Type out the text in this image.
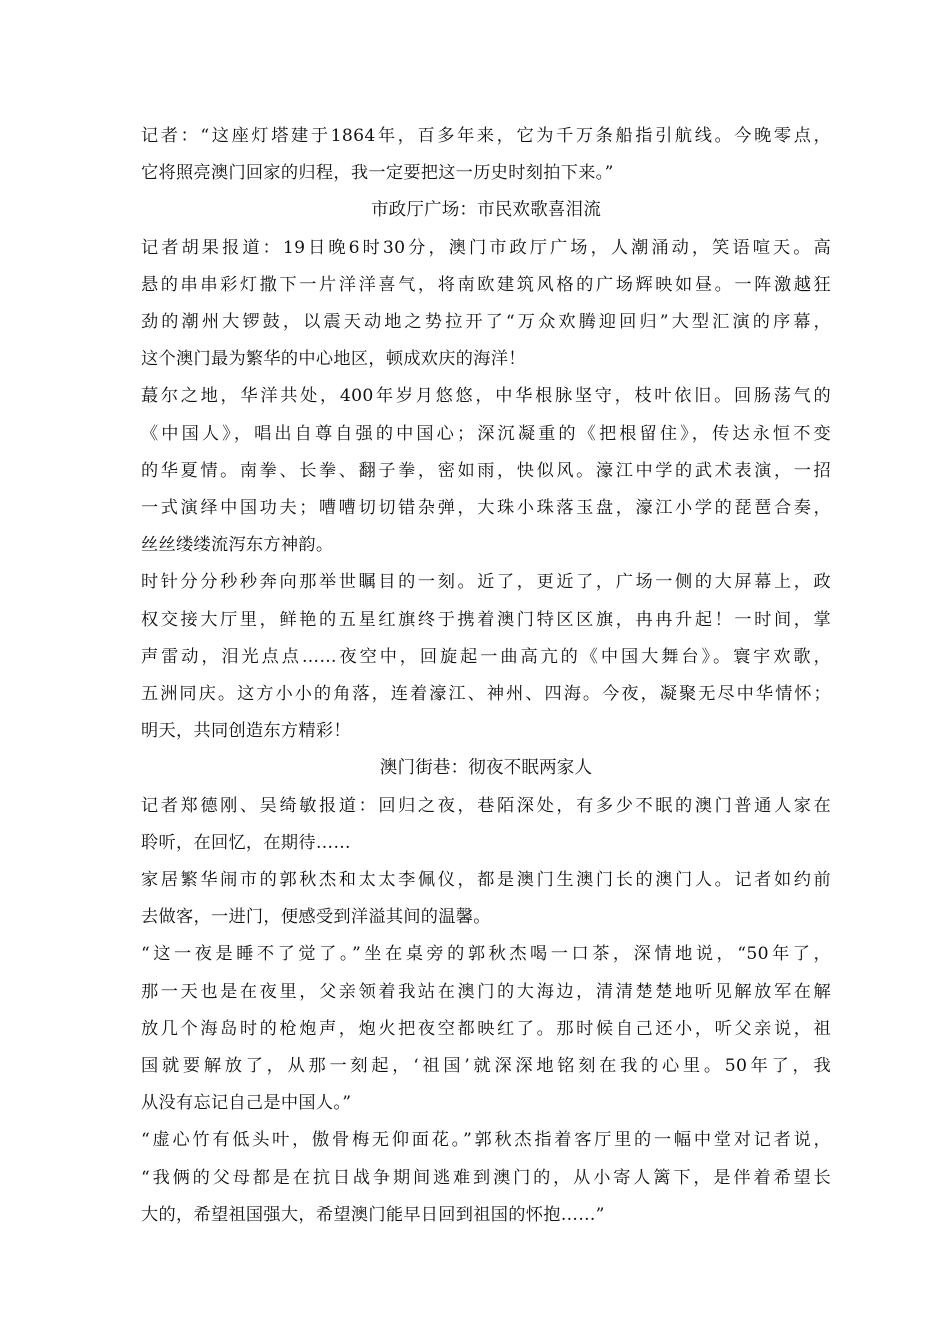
记者：“这座灯塔建于1864年，百多年来，它为千万条船指引航线。今晚零点，
它将照亮澳门回家的归程，我一定要把这一历史时刻拍下来。”
市政厅广场：市民欢歌喜泪流
记者胡果报道：19日晚6时30分，澳门市政厅广场，人潮涌动，笑语喧天。高
悬的串串彩灯撒下一片洋洋喜气，将南欧建筑风格的广场辉映如昼。一阵激越狂
劲的潮州大锣鼓，以震天动地之势拉开了“万众欢腾迎回归”大型汇演的序幕，
这个澳门最为繁华的中心地区，顿成欢庆的海洋！
蕞尔之地，华洋共处，400年岁月悠悠，中华根脉坚守，枝叶依旧。回肠荡气的
《中国人》，唱出自尊自强的中国心；深沉凝重的《把根留住》，传达永恒不变
的华夏情。南拳、长拳、翻子拳，密如雨，快似风。濠江中学的武术表演，一招
一式演绎中国功夫；嘈嘈切切错杂弹，大珠小珠落玉盘，濠江小学的琵琶合奏，
丝丝缕缕流泻东方神韵。
时针分分秒秒奔向那举世瞩目的一刻。近了，更近了，广场一侧的大屏幕上，政
权交接大厅里，鲜艳的五星红旗终于携着澳门特区区旗，冉冉升起！一时间，掌
声雷动，泪光点点……夜空中，回旋起一曲高亢的《中国大舞台》。寰宇欢歌，
五洲同庆。这方小小的角落，连着濠江、神州、四海。今夜，凝聚无尽中华情怀；
明天，共同创造东方精彩！
澳门街巷：彻夜不眠两家人
记者郑德刚、吴绮敏报道：回归之夜，巷陌深处，有多少不眠的澳门普通人家在
聆听，在回忆，在期待……
家居繁华闹市的郭秋杰和太太李佩仪，都是澳门生澳门长的澳门人。记者如约前
去做客，一进门，便感受到洋溢其间的温馨。
“这一夜是睡不了觉了。”坐在桌旁的郭秋杰喝一口茶，深情地说，“50年了，
那一天也是在夜里，父亲领着我站在澳门的大海边，清清楚楚地听见解放军在解
放几个海岛时的枪炮声，炮火把夜空都映红了。那时候自己还小，听父亲说，祖
国就要解放了，从那一刻起，‘祖国’就深深地铭刻在我的心里。50年了，我
从没有忘记自己是中国人。”
“虚心竹有低头叶，傲骨梅无仰面花。”郭秋杰指着客厅里的一幅中堂对记者说，
“我俩的父母都是在抗日战争期间逃难到澳门的，从小寄人篱下，是伴着希望长
大的，希望祖国强大，希望澳门能早日回到祖国的怀抱……”
